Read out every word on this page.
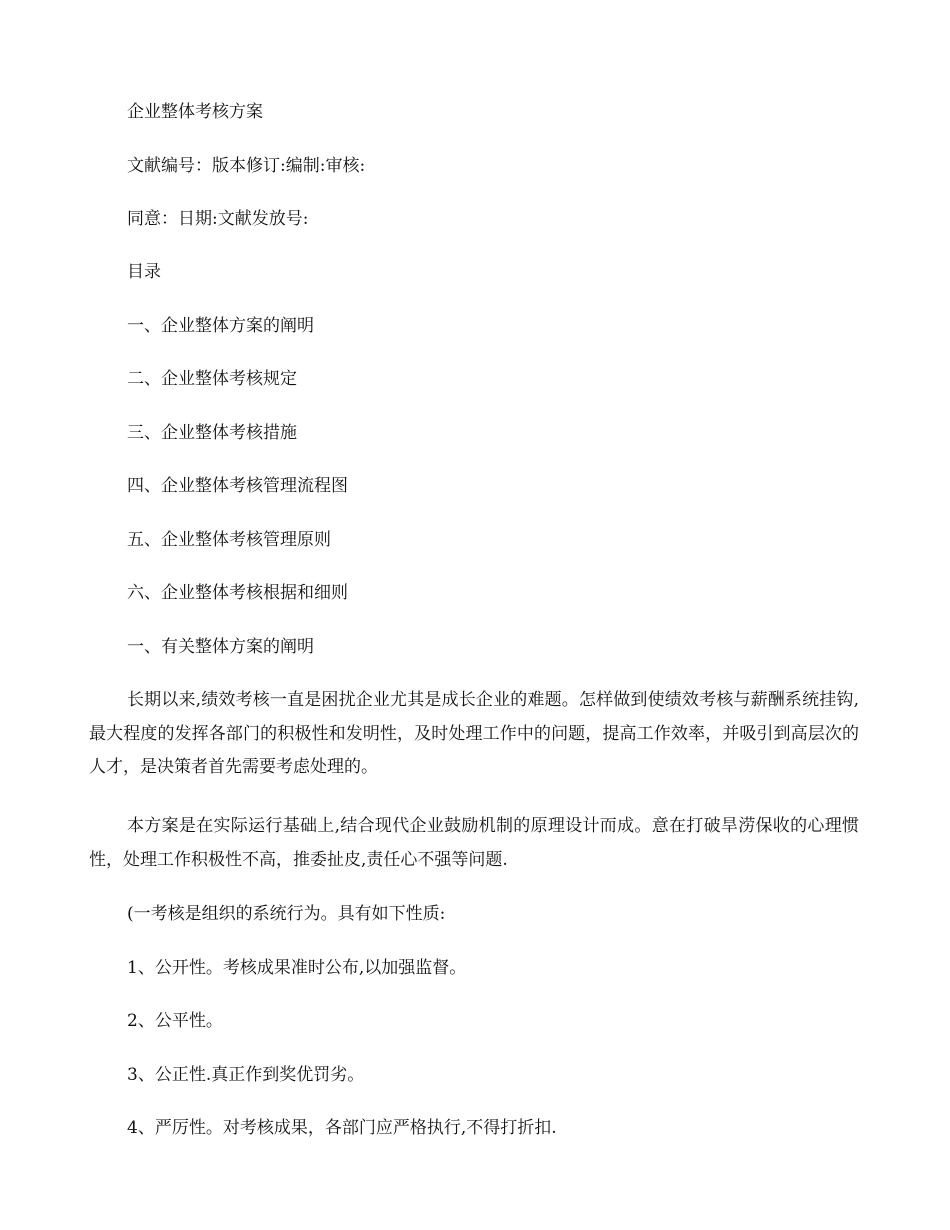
企业整体考核方案
文献编号：版本修订:编制:审核:
同意：日期:文献发放号:
目录
一、企业整体方案的阐明
二、企业整体考核规定
三、企业整体考核措施
四、企业整体考核管理流程图
五、企业整体考核管理原则
六、企业整体考核根据和细则
一、有关整体方案的阐明
长期以来,绩效考核一直是困扰企业尤其是成长企业的难题。怎样做到使绩效考核与薪酬系统挂钩,最大程度的发挥各部门的积极性和发明性，及时处理工作中的问题，提高工作效率，并吸引到高层次的人才，是决策者首先需要考虑处理的。
本方案是在实际运行基础上,结合现代企业鼓励机制的原理设计而成。意在打破旱涝保收的心理惯性，处理工作积极性不高，推委扯皮,责任心不强等问题.
(一考核是组织的系统行为。具有如下性质:
1、公开性。考核成果准时公布,以加强监督。
2、公平性。
3、公正性.真正作到奖优罚劣。
4、严厉性。对考核成果，各部门应严格执行,不得打折扣.
